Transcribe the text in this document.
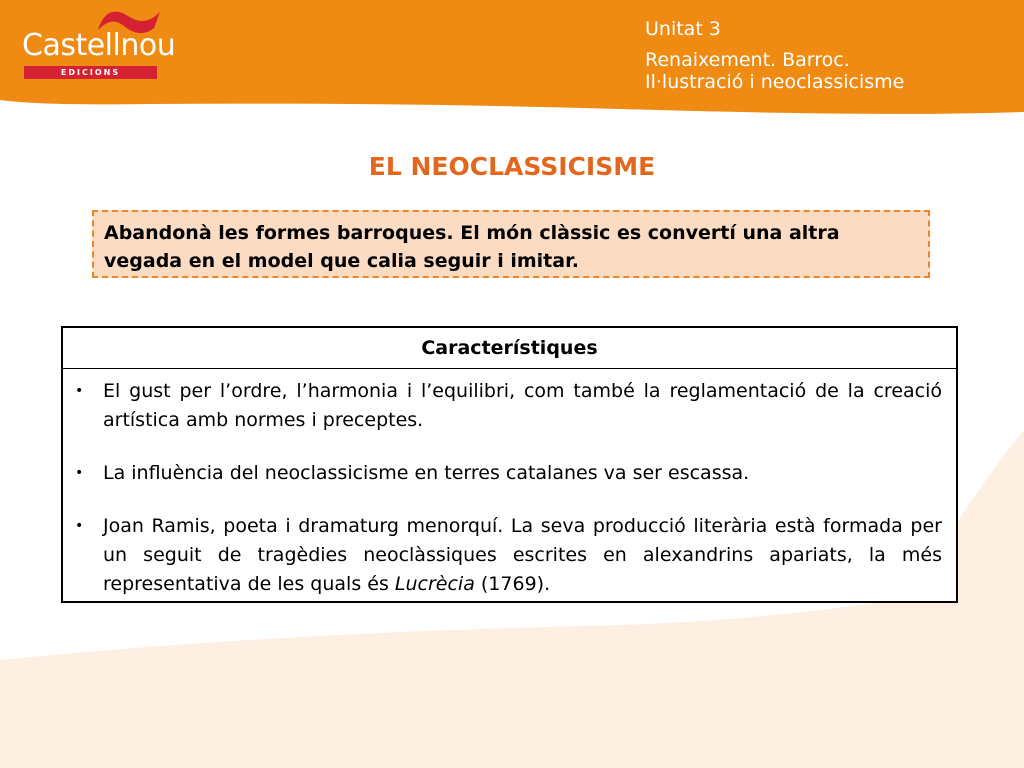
Castellnou
EDICIONS
Unitat 3
Renaixement. Barroc.
Il·lustració i neoclassicisme
EL NEOCLASSICISME
Abandonà les formes barroques. El món clàssic es convertí una altra vegada en el model que calia seguir i imitar.
Característiques
• El gust per l’ordre, l’harmonia i l’equilibri, com també la reglamentació de la creació artística amb normes i preceptes.
• La influència del neoclassicisme en terres catalanes va ser escassa.
• Joan Ramis, poeta i dramaturg menorquí. La seva producció literària està formada per un seguit de tragèdies neoclàssiques escrites en alexandrins apariats, la més representativa de les quals és Lucrècia (1769).
